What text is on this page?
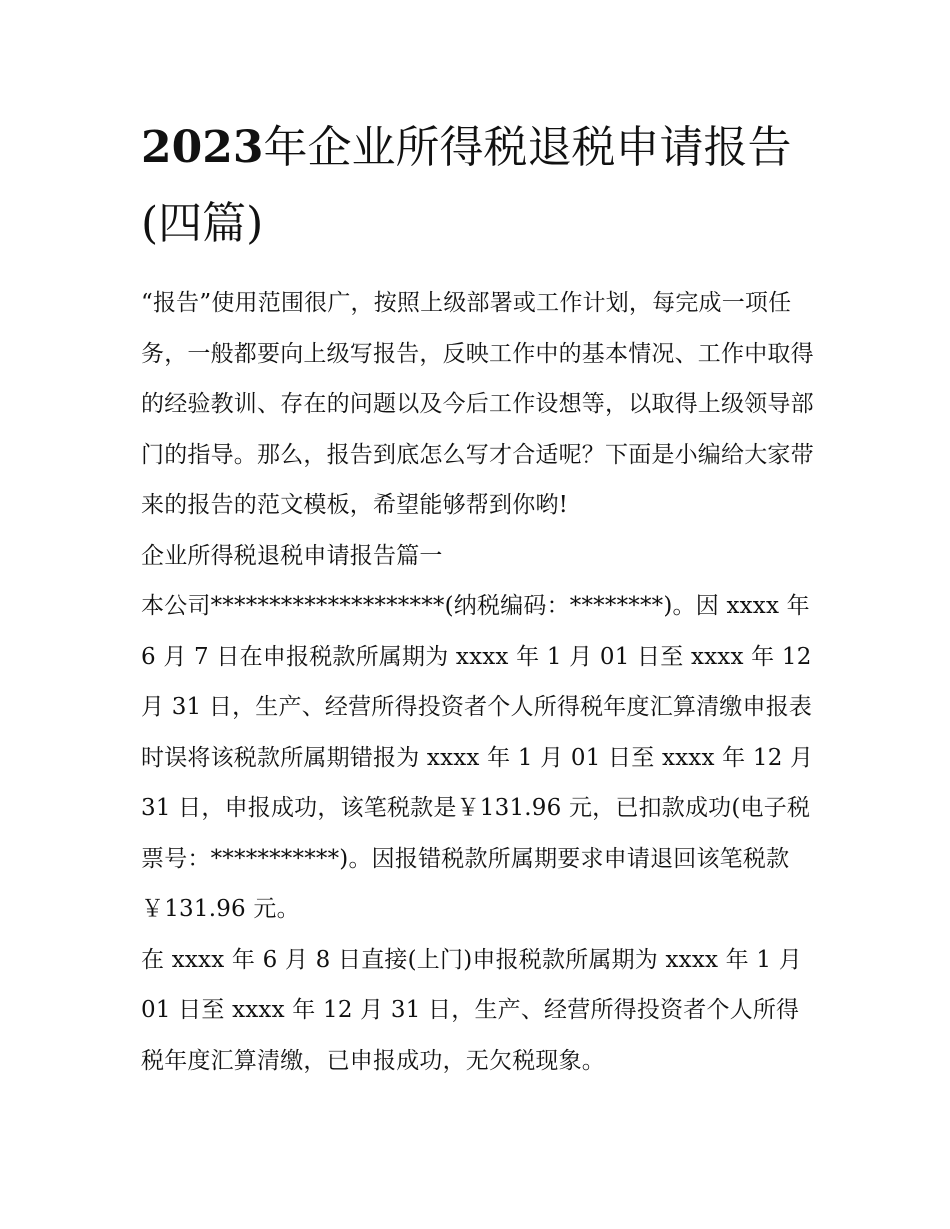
2023年企业所得税退税申请报告(四篇)

“报告”使用范围很广，按照上级部署或工作计划，每完成一项任务，一般都要向上级写报告，反映工作中的基本情况、工作中取得的经验教训、存在的问题以及今后工作设想等，以取得上级领导部门的指导。那么，报告到底怎么写才合适呢？下面是小编给大家带来的报告的范文模板，希望能够帮到你哟!

企业所得税退税申请报告篇一

本公司********************(纳税编码：********)。因 xxxx 年 6 月 7 日在申报税款所属期为 xxxx 年 1 月 01 日至 xxxx 年 12 月 31 日，生产、经营所得投资者个人所得税年度汇算清缴申报表时误将该税款所属期错报为 xxxx 年 1 月 01 日至 xxxx 年 12 月 31 日，申报成功，该笔税款是￥131.96 元，已扣款成功(电子税票号：***********)。因报错税款所属期要求申请退回该笔税款￥131.96 元。

在 xxxx 年 6 月 8 日直接(上门)申报税款所属期为 xxxx 年 1 月 01 日至 xxxx 年 12 月 31 日，生产、经营所得投资者个人所得税年度汇算清缴，已申报成功，无欠税现象。
